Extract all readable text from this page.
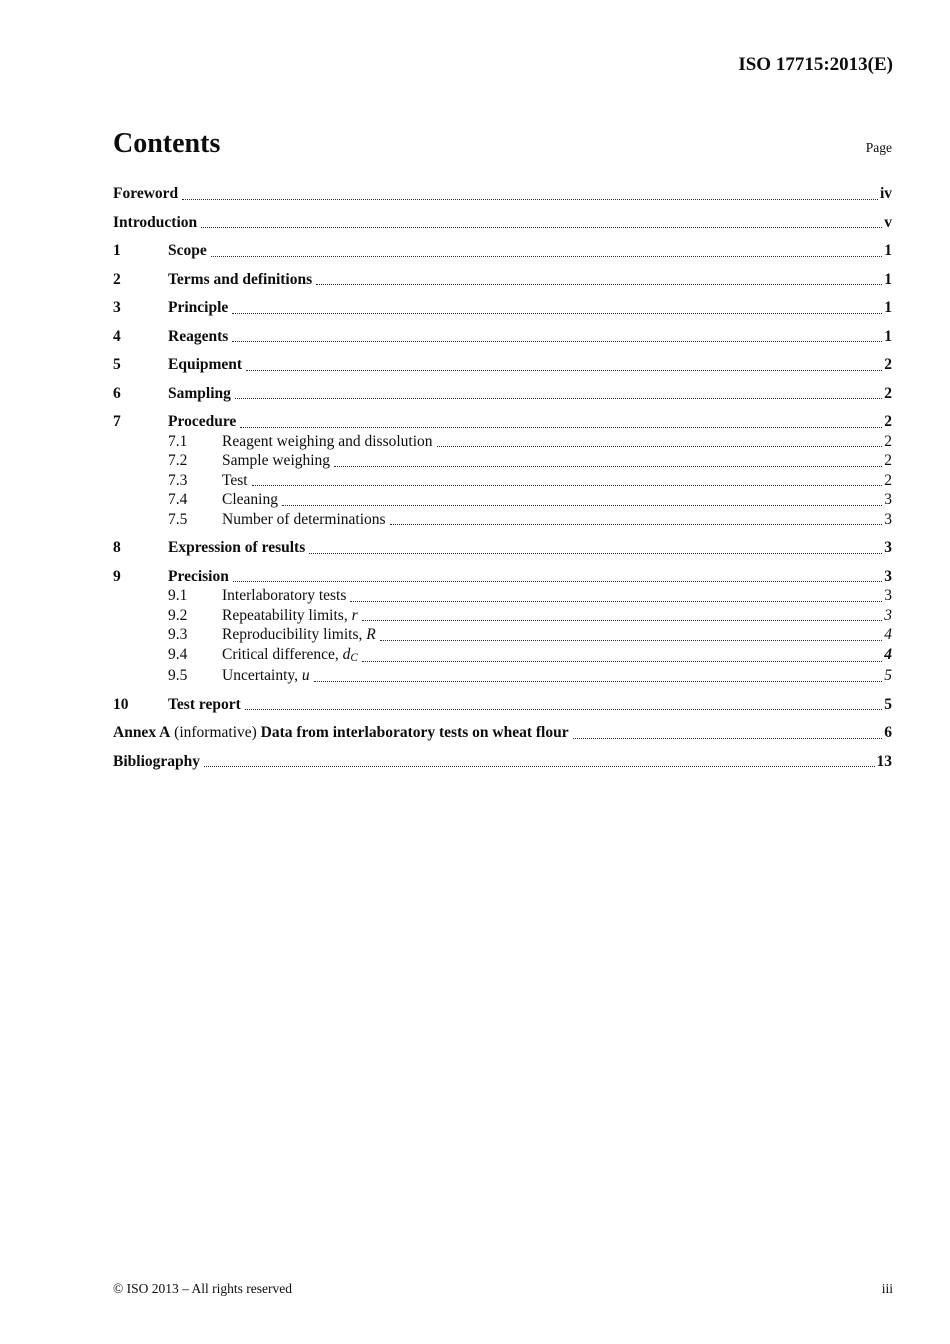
ISO 17715:2013(E)
Contents	Page
Foreword	iv
Introduction	v
1	Scope	1
2	Terms and definitions	1
3	Principle	1
4	Reagents	1
5	Equipment	2
6	Sampling	2
7	Procedure	2
7.1	Reagent weighing and dissolution	2
7.2	Sample weighing	2
7.3	Test	2
7.4	Cleaning	3
7.5	Number of determinations	3
8	Expression of results	3
9	Precision	3
9.1	Interlaboratory tests	3
9.2	Repeatability limits, r	3
9.3	Reproducibility limits, R	4
9.4	Critical difference, dC	4
9.5	Uncertainty, u	5
10	Test report	5
Annex A (informative) Data from interlaboratory tests on wheat flour	6
Bibliography	13
© ISO 2013 – All rights reserved	iii
